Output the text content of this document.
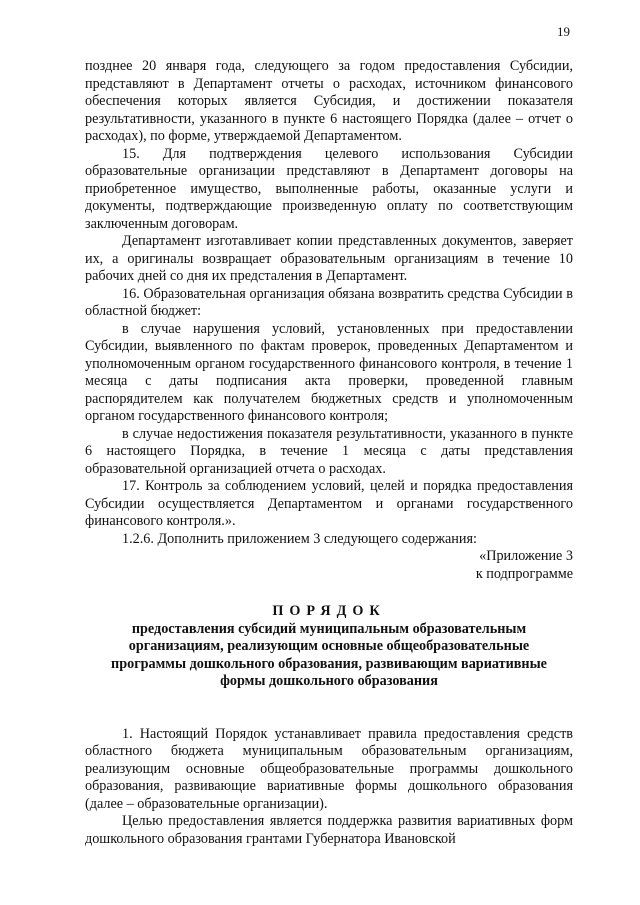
19

позднее 20 января года, следующего за годом предоставления Субсидии, представляют в Департамент отчеты о расходах, источником финансового обеспечения которых является Субсидия, и достижении показателя результативности, указанного в пункте 6 настоящего Порядка (далее – отчет о расходах), по форме, утверждаемой Департаментом.

15. Для подтверждения целевого использования Субсидии образовательные организации представляют в Департамент договоры на приобретенное имущество, выполненные работы, оказанные услуги и документы, подтверждающие произведенную оплату по соответствующим заключенным договорам.

Департамент изготавливает копии представленных документов, заверяет их, а оригиналы возвращает образовательным организациям в течение 10 рабочих дней со дня их предсталения в Департамент.

16. Образовательная организация обязана возвратить средства Субсидии в областной бюджет:

в случае нарушения условий, установленных при предоставлении Субсидии, выявленного по фактам проверок, проведенных Департаментом и уполномоченным органом государственного финансового контроля, в течение 1 месяца с даты подписания акта проверки, проведенной главным распорядителем как получателем бюджетных средств и уполномоченным органом государственного финансового контроля;

в случае недостижения показателя результативности, указанного в пункте 6 настоящего Порядка, в течение 1 месяца с даты представления образовательной организацией отчета о расходах.

17. Контроль за соблюдением условий, целей и порядка предоставления Субсидии осуществляется Департаментом и органами государственного финансового контроля.».

1.2.6. Дополнить приложением 3 следующего содержания:

«Приложение 3
к подпрограмме
ПОРЯДОК
предоставления субсидий муниципальным образовательным организациям, реализующим основные общеобразовательные программы дошкольного образования, развивающим вариативные формы дошкольного образования

1. Настоящий Порядок устанавливает правила предоставления средств областного бюджета муниципальным образовательным организациям, реализующим основные общеобразовательные программы дошкольного образования, развивающие вариативные формы дошкольного образования (далее – образовательные организации).

Целью предоставления является поддержка развития вариативных форм дошкольного образования грантами Губернатора Ивановской
